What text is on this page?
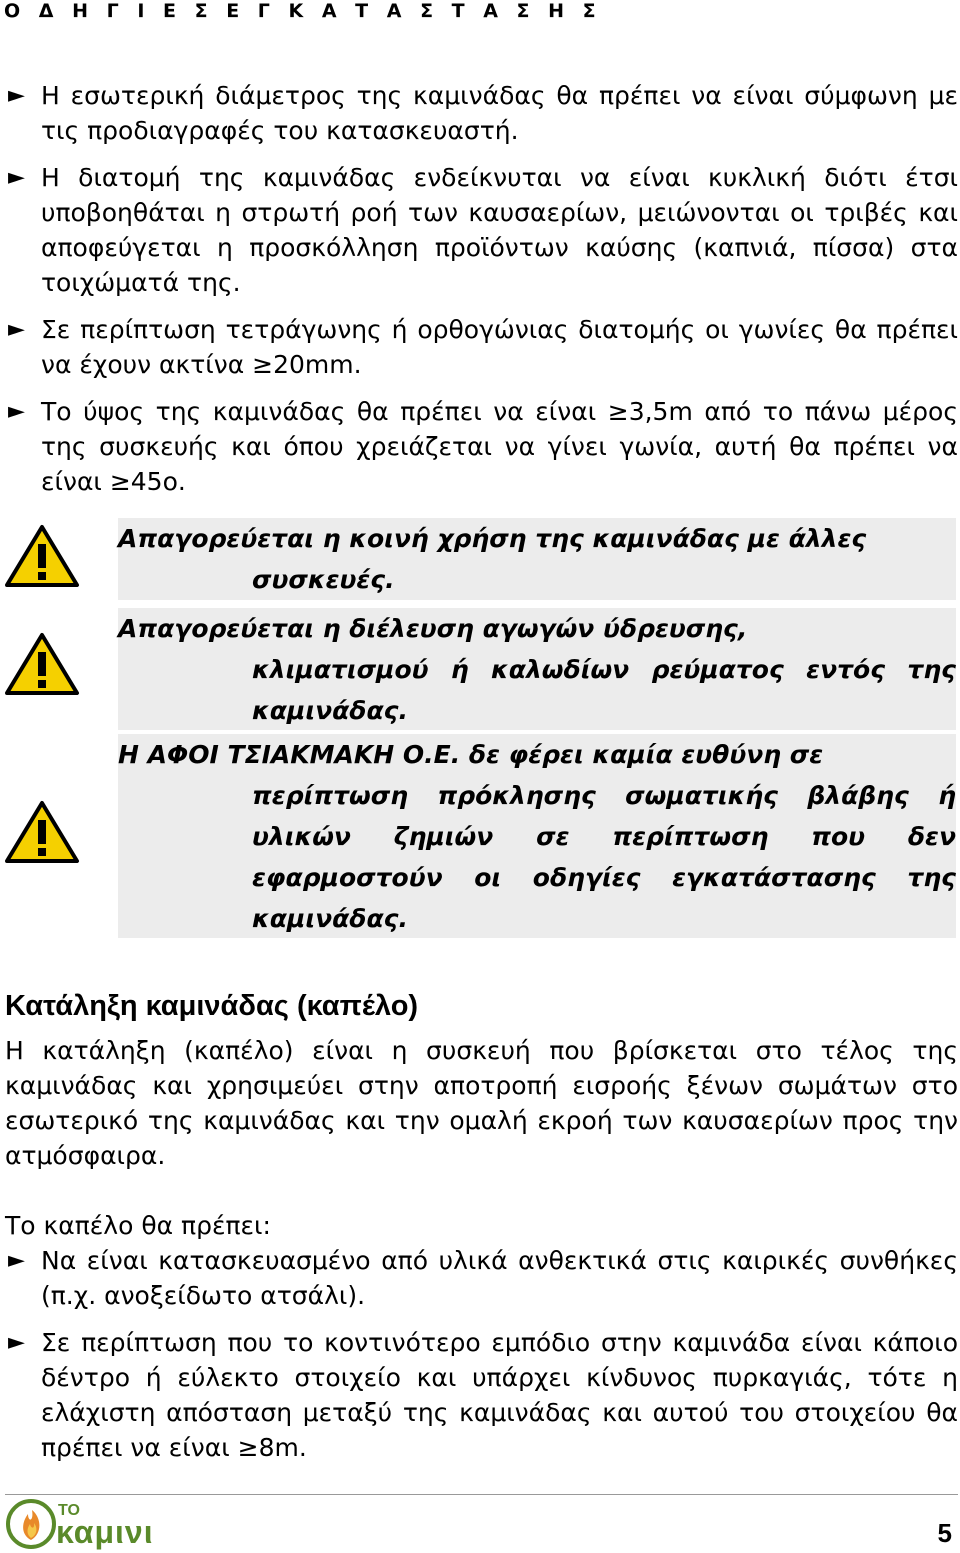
Ο Δ Η Γ Ι Ε Σ Ε Γ Κ Α Τ Α Σ Τ Α Σ Η Σ

► Η εσωτερική διάμετρος της καμινάδας θα πρέπει να είναι σύμφωνη με τις προδιαγραφές του κατασκευαστή.

► Η διατομή της καμινάδας ενδείκνυται να είναι κυκλική διότι έτσι υποβοηθάται η στρωτή ροή των καυσαερίων, μειώνονται οι τριβές και αποφεύγεται η προσκόλληση προϊόντων καύσης (καπνιά, πίσσα) στα τοιχώματά της.

► Σε περίπτωση τετράγωνης ή ορθογώνιας διατομής οι γωνίες θα πρέπει να έχουν ακτίνα ≥20mm.

► Το ύψος της καμινάδας θα πρέπει να είναι ≥3,5m από το πάνω μέρος της συσκευής και όπου χρειάζεται να γίνει γωνία, αυτή θα πρέπει να είναι ≥45ο.

Απαγορεύεται η κοινή χρήση της καμινάδας με άλλες
συσκευές.

Απαγορεύεται η διέλευση αγωγών ύδρευσης,
κλιματισμού ή καλωδίων ρεύματος εντός της καμινάδας.

Η ΑΦΟΙ ΤΣΙΑΚΜΑΚΗ Ο.Ε. δε φέρει καμία ευθύνη σε
περίπτωση πρόκλησης σωματικής βλάβης ή υλικών ζημιών σε περίπτωση που δεν εφαρμοστούν οι οδηγίες εγκατάστασης της καμινάδας.

Κατάληξη καμινάδας (καπέλο)

Η κατάληξη (καπέλο) είναι η συσκευή που βρίσκεται στο τέλος της καμινάδας και χρησιμεύει στην αποτροπή εισροής ξένων σωμάτων στο εσωτερικό της καμινάδας και την ομαλή εκροή των καυσαερίων προς την ατμόσφαιρα.

Το καπέλο θα πρέπει:

► Να είναι κατασκευασμένο από υλικά ανθεκτικά στις καιρικές συνθήκες (π.χ. ανοξείδωτο ατσάλι).

► Σε περίπτωση που το κοντινότερο εμπόδιο στην καμινάδα είναι κάποιο δέντρο ή εύλεκτο στοιχείο και υπάρχει κίνδυνος πυρκαγιάς, τότε η ελάχιστη απόσταση μεταξύ της καμινάδας και αυτού του στοιχείου θα πρέπει να είναι ≥8m.

ΤΟ
καμινι	5
